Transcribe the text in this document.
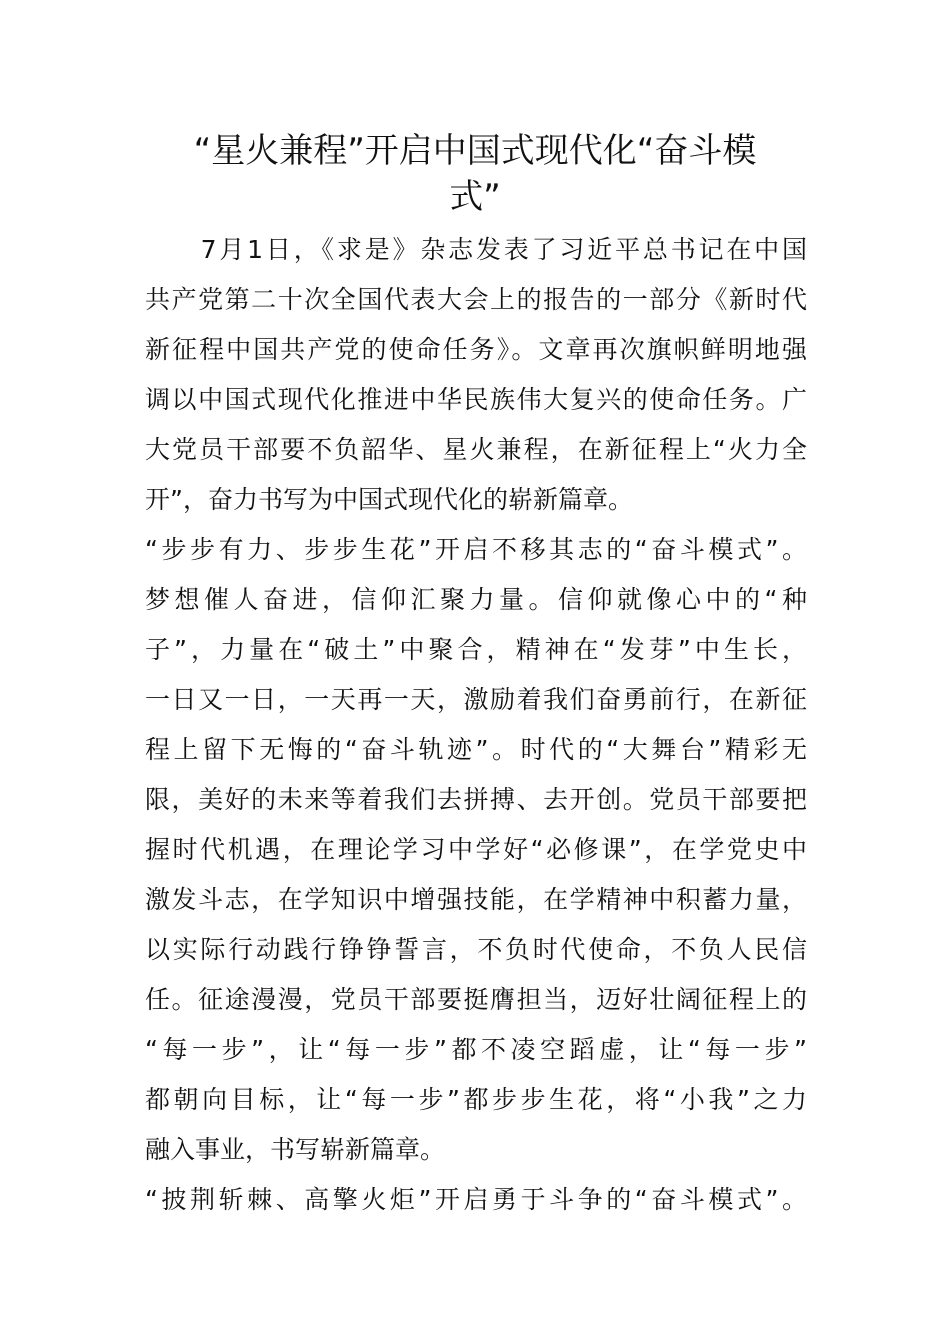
“星火兼程”开启中国式现代化“奋斗模
式”
　　7月1日，《求是》杂志发表了习近平总书记在中国
共产党第二十次全国代表大会上的报告的一部分《新时代
新征程中国共产党的使命任务》。文章再次旗帜鲜明地强
调以中国式现代化推进中华民族伟大复兴的使命任务。广
大党员干部要不负韶华、星火兼程，在新征程上“火力全
开”，奋力书写为中国式现代化的崭新篇章。
“步步有力、步步生花”开启不移其志的“奋斗模式”。
梦想催人奋进，信仰汇聚力量。信仰就像心中的“种
子”，力量在“破土”中聚合，精神在“发芽”中生长，
一日又一日，一天再一天，激励着我们奋勇前行，在新征
程上留下无悔的“奋斗轨迹”。时代的“大舞台”精彩无
限，美好的未来等着我们去拼搏、去开创。党员干部要把
握时代机遇，在理论学习中学好“必修课”，在学党史中
激发斗志，在学知识中增强技能，在学精神中积蓄力量，
以实际行动践行铮铮誓言，不负时代使命，不负人民信
任。征途漫漫，党员干部要挺膺担当，迈好壮阔征程上的
“每一步”，让“每一步”都不凌空蹈虚，让“每一步”
都朝向目标，让“每一步”都步步生花，将“小我”之力
融入事业，书写崭新篇章。
“披荆斩棘、高擎火炬”开启勇于斗争的“奋斗模式”。
